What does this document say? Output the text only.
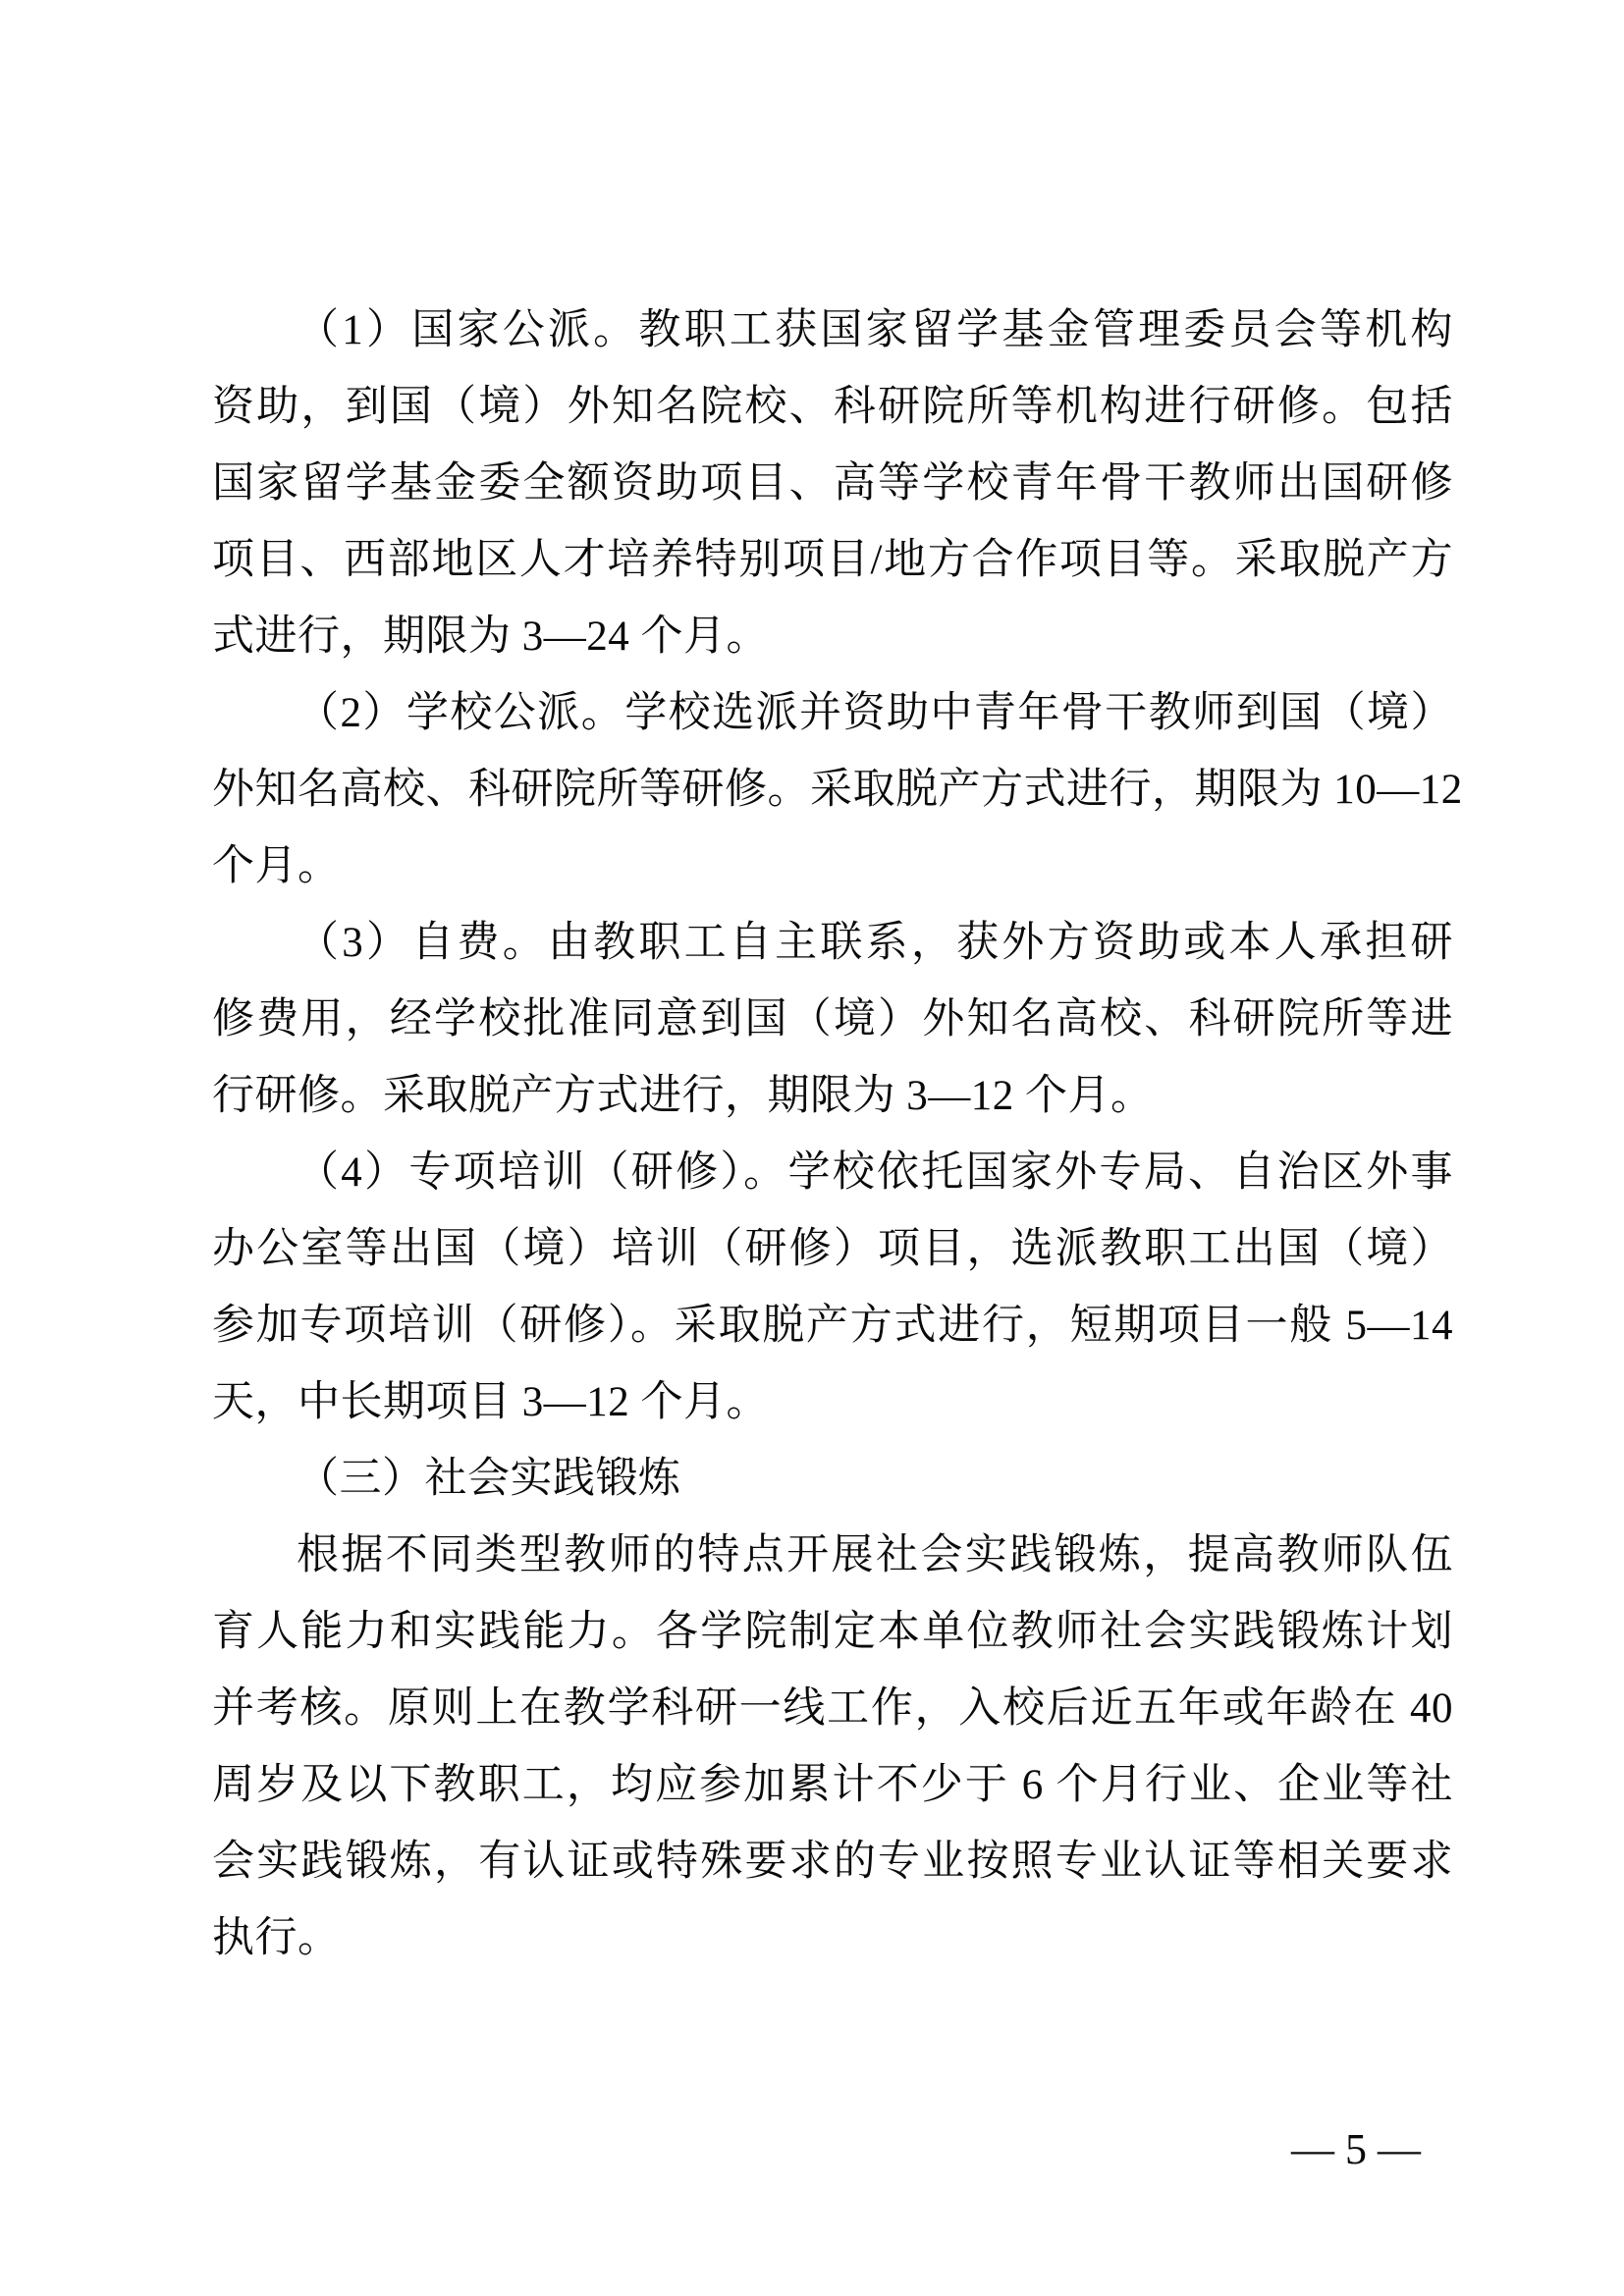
（1）国家公派。教职工获国家留学基金管理委员会等机构
资助，到国（境）外知名院校、科研院所等机构进行研修。包括
国家留学基金委全额资助项目、高等学校青年骨干教师出国研修
项目、西部地区人才培养特别项目/地方合作项目等。采取脱产方
式进行，期限为 3—24 个月。
（2）学校公派。学校选派并资助中青年骨干教师到国（境）
外知名高校、科研院所等研修。采取脱产方式进行，期限为 10—12
个月。
（3）自费。由教职工自主联系，获外方资助或本人承担研
修费用，经学校批准同意到国（境）外知名高校、科研院所等进
行研修。采取脱产方式进行，期限为 3—12 个月。
（4）专项培训（研修）。学校依托国家外专局、自治区外事
办公室等出国（境）培训（研修）项目，选派教职工出国（境）
参加专项培训（研修）。采取脱产方式进行，短期项目一般 5—14
天，中长期项目 3—12 个月。
（三）社会实践锻炼
根据不同类型教师的特点开展社会实践锻炼，提高教师队伍
育人能力和实践能力。各学院制定本单位教师社会实践锻炼计划
并考核。原则上在教学科研一线工作，入校后近五年或年龄在 40
周岁及以下教职工，均应参加累计不少于 6 个月行业、企业等社
会实践锻炼，有认证或特殊要求的专业按照专业认证等相关要求
执行。
— 5 —
